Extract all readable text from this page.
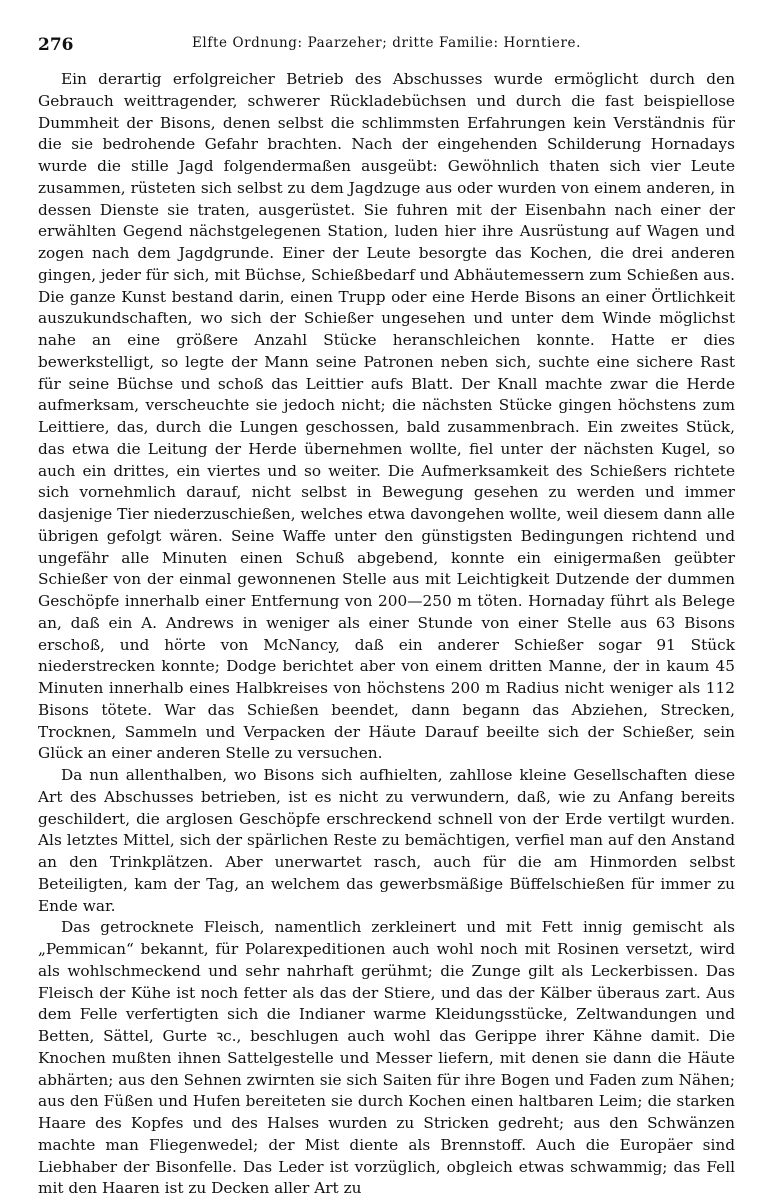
276	Elfte Ordnung: Paarzeher; dritte Familie: Horntiere.

Ein derartig erfolgreicher Betrieb des Abschusses wurde ermöglicht durch den Gebrauch weittragender, schwerer Rückladebüchsen und durch die fast beispiellose Dummheit der Bisons, denen selbst die schlimmsten Erfahrungen kein Verständnis für die sie bedrohende Gefahr brachten. Nach der eingehenden Schilderung Hornadays wurde die stille Jagd folgendermaßen ausgeübt: Gewöhnlich thaten sich vier Leute zusammen, rüsteten sich selbst zu dem Jagdzuge aus oder wurden von einem anderen, in dessen Dienste sie traten, ausgerüstet. Sie fuhren mit der Eisenbahn nach einer der erwählten Gegend nächstgelegenen Station, luden hier ihre Ausrüstung auf Wagen und zogen nach dem Jagdgrunde. Einer der Leute besorgte das Kochen, die drei anderen gingen, jeder für sich, mit Büchse, Schießbedarf und Abhäutemessern zum Schießen aus. Die ganze Kunst bestand darin, einen Trupp oder eine Herde Bisons an einer Örtlichkeit auszukundschaften, wo sich der Schießer ungesehen und unter dem Winde möglichst nahe an eine größere Anzahl Stücke heranschleichen konnte. Hatte er dies bewerkstelligt, so legte der Mann seine Patronen neben sich, suchte eine sichere Rast für seine Büchse und schoß das Leittier aufs Blatt. Der Knall machte zwar die Herde aufmerksam, verscheuchte sie jedoch nicht; die nächsten Stücke gingen höchstens zum Leittiere, das, durch die Lungen geschossen, bald zusammenbrach. Ein zweites Stück, das etwa die Leitung der Herde übernehmen wollte, fiel unter der nächsten Kugel, so auch ein drittes, ein viertes und so weiter. Die Aufmerksamkeit des Schießers richtete sich vornehmlich darauf, nicht selbst in Bewegung gesehen zu werden und immer dasjenige Tier niederzuschießen, welches etwa davongehen wollte, weil diesem dann alle übrigen gefolgt wären. Seine Waffe unter den günstigsten Bedingungen richtend und ungefähr alle Minuten einen Schuß abgebend, konnte ein einigermaßen geübter Schießer von der einmal gewonnenen Stelle aus mit Leichtigkeit Dutzende der dummen Geschöpfe innerhalb einer Entfernung von 200—250 m töten. Hornaday führt als Belege an, daß ein A. Andrews in weniger als einer Stunde von einer Stelle aus 63 Bisons erschoß, und hörte von McNancy, daß ein anderer Schießer sogar 91 Stück niederstrecken konnte; Dodge berichtet aber von einem dritten Manne, der in kaum 45 Minuten innerhalb eines Halbkreises von höchstens 200 m Radius nicht weniger als 112 Bisons tötete. War das Schießen beendet, dann begann das Abziehen, Strecken, Trocknen, Sammeln und Verpacken der Häute Darauf beeilte sich der Schießer, sein Glück an einer anderen Stelle zu versuchen.

Da nun allenthalben, wo Bisons sich aufhielten, zahllose kleine Gesellschaften diese Art des Abschusses betrieben, ist es nicht zu verwundern, daß, wie zu Anfang bereits geschildert, die arglosen Geschöpfe erschreckend schnell von der Erde vertilgt wurden. Als letztes Mittel, sich der spärlichen Reste zu bemächtigen, verfiel man auf den Anstand an den Trinkplätzen. Aber unerwartet rasch, auch für die am Hinmorden selbst Beteiligten, kam der Tag, an welchem das gewerbsmäßige Büffelschießen für immer zu Ende war.

Das getrocknete Fleisch, namentlich zerkleinert und mit Fett innig gemischt als „Pemmican“ bekannt, für Polarexpeditionen auch wohl noch mit Rosinen versetzt, wird als wohlschmeckend und sehr nahrhaft gerühmt; die Zunge gilt als Leckerbissen. Das Fleisch der Kühe ist noch fetter als das der Stiere, und das der Kälber überaus zart. Aus dem Felle verfertigten sich die Indianer warme Kleidungsstücke, Zeltwandungen und Betten, Sättel, Gurte ꝛc., beschlugen auch wohl das Gerippe ihrer Kähne damit. Die Knochen mußten ihnen Sattelgestelle und Messer liefern, mit denen sie dann die Häute abhärten; aus den Sehnen zwirnten sie sich Saiten für ihre Bogen und Faden zum Nähen; aus den Füßen und Hufen bereiteten sie durch Kochen einen haltbaren Leim; die starken Haare des Kopfes und des Halses wurden zu Stricken gedreht; aus den Schwänzen machte man Fliegenwedel; der Mist diente als Brennstoff. Auch die Europäer sind Liebhaber der Bisonfelle. Das Leder ist vorzüglich, obgleich etwas schwammig; das Fell mit den Haaren ist zu Decken aller Art zu
